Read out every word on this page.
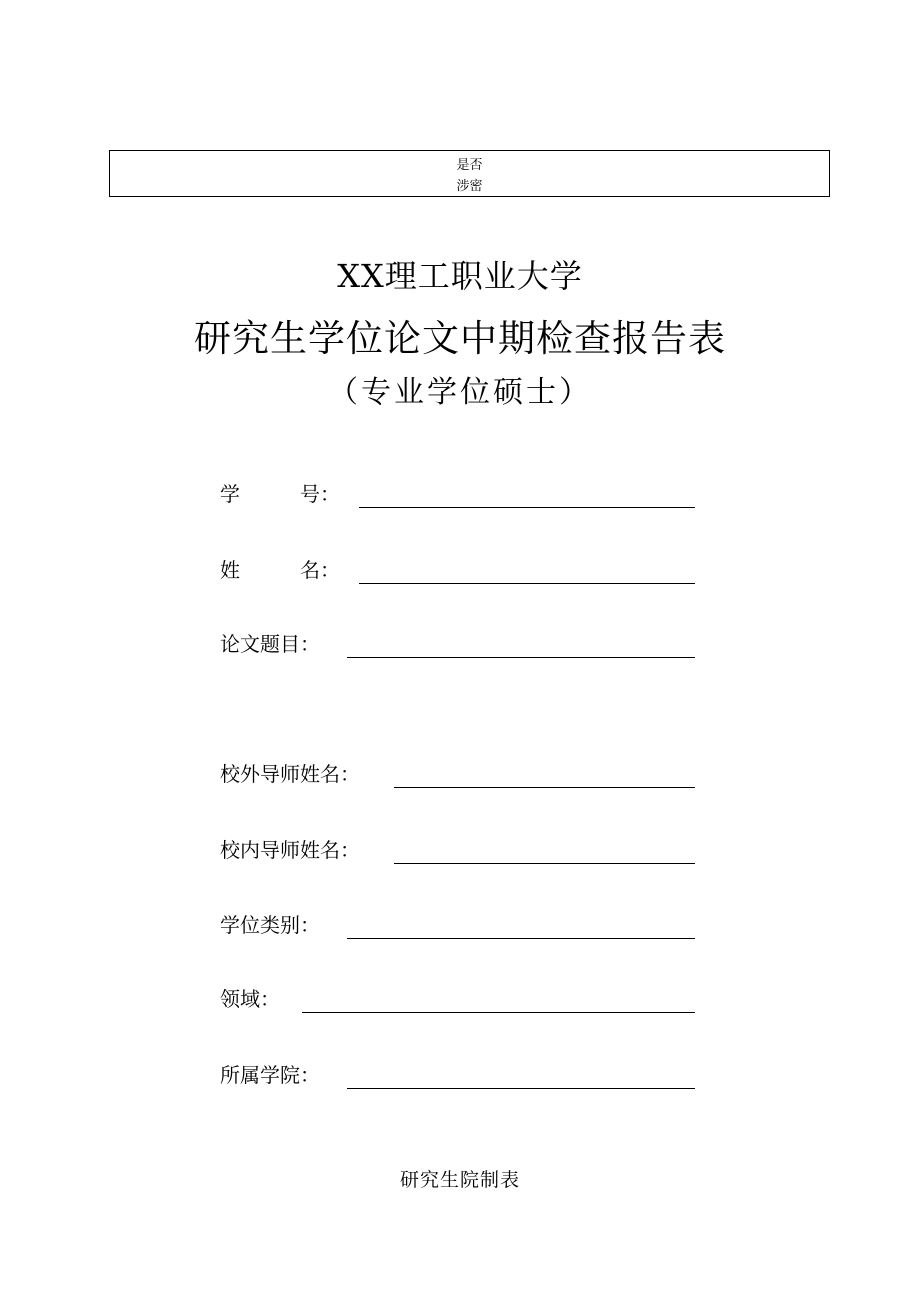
是否
涉密
XX理工职业大学
研究生学位论文中期检查报告表
（专业学位硕士）
学　　　号：
姓　　　名：
论文题目：
校外导师姓名：
校内导师姓名：
学位类别：
领域：
所属学院：
研究生院制表
